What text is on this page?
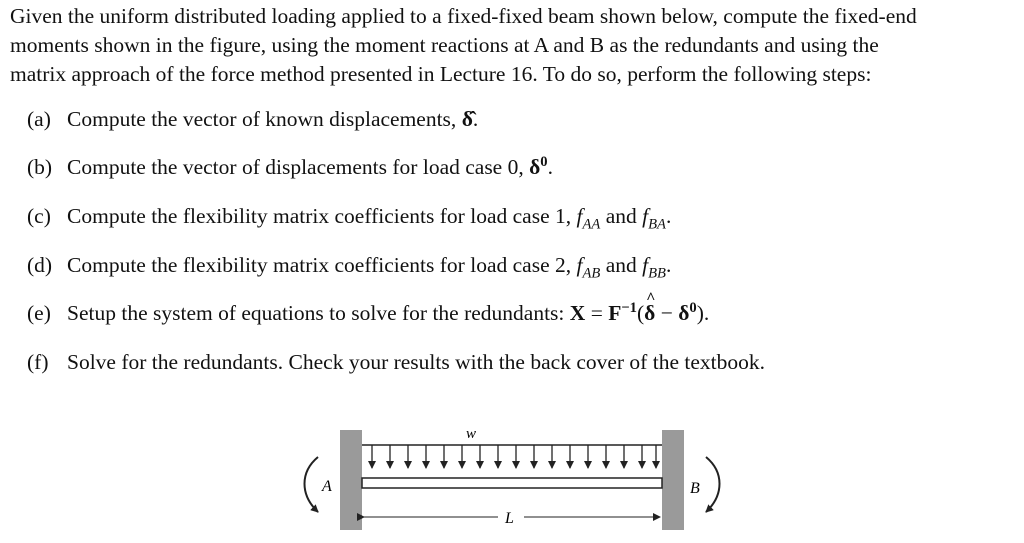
Given the uniform distributed loading applied to a fixed-fixed beam shown below, compute the fixed-end
moments shown in the figure, using the moment reactions at A and B as the redundants and using the
matrix approach of the force method presented in Lecture 16. To do so, perform the following steps:
(a) Compute the vector of known displacements, δ̂.
(b) Compute the vector of displacements for load case 0, $\delta^0$.
(c) Compute the flexibility matrix coefficients for load case 1, $f_{AA}$ and $f_{BA}$.
(d) Compute the flexibility matrix coefficients for load case 2, $f_{AB}$ and $f_{BB}$.
(e) Setup the system of equations to solve for the redundants: $X = F^{-1}(\^{}$ $\delta - \delta^0$).
(f) Solve for the redundants. Check your results with the back cover of the textbook.
w
A	B
L
